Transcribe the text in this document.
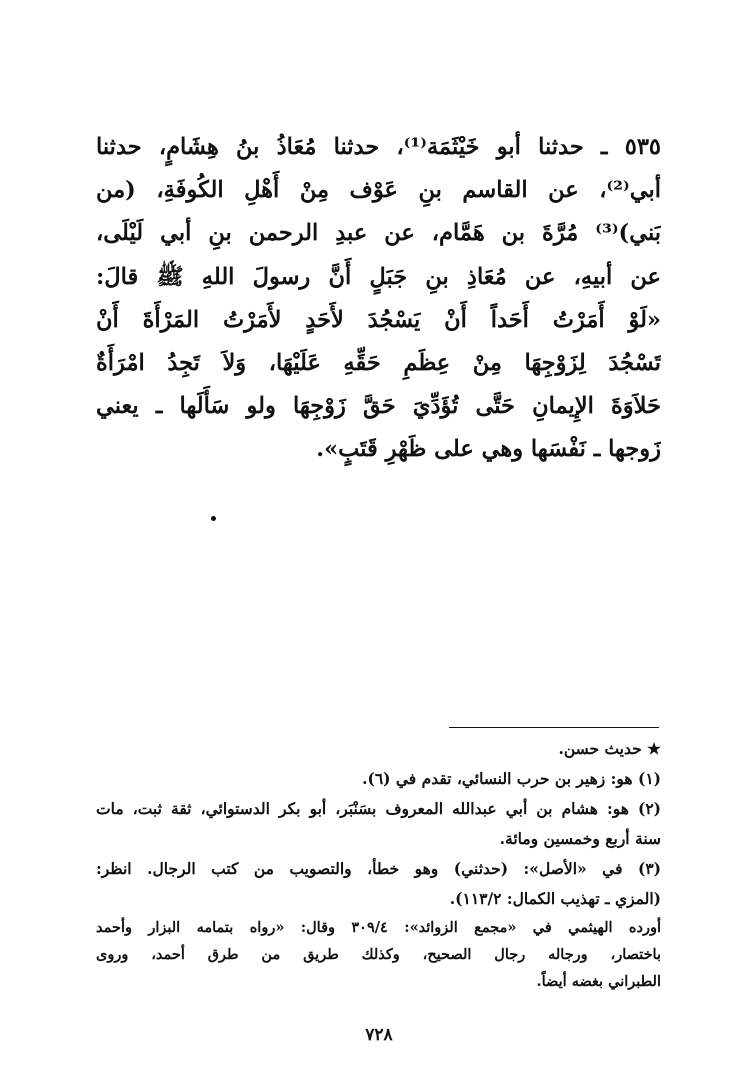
٥٣٥ ـ حدثنا أبو خَيْثَمَة⁽¹⁾، حدثنا مُعَاذُ بنُ هِشَامٍ، حدثنا
أبي⁽²⁾، عن القاسم بنِ عَوْف مِنْ أَهْلِ الكُوفَةِ، (من
بَني)⁽³⁾ مُرَّةَ بن هَمَّام، عن عبدِ الرحمن بنِ أبي لَيْلَى،
عن أبيهِ، عن مُعَاذِ بنِ جَبَلٍ أَنَّ رسولَ اللهِ ﷺ قالَ:
«لَوْ أَمَرْتُ أَحَداً أَنْ يَسْجُدَ لأَحَدٍ لأَمَرْتُ المَرْأَةَ أَنْ
تَسْجُدَ لِزَوْجِهَا مِنْ عِظَمِ حَقِّهِ عَلَيْهَا، وَلاَ تَجِدُ امْرَأَةٌ
حَلاَوَةَ الإِيمانِ حَتَّى تُؤَدِّيَ حَقَّ زَوْجِهَا ولو سَأَلَها ـ يعني
زَوجها ـ نَفْسَها وهي على ظَهْرِ قَتَبٍ».
★ حديث حسن.
(١) هو: زهير بن حرب النسائي، تقدم في (٦).
(٢) هو: هشام بن أبي عبدالله المعروف بسَنْبَر، أبو بكر الدستوائي، ثقة ثبت، مات
سنة أربع وخمسين ومائة.
(٣) في «الأصل»: (حدثني) وهو خطأ، والتصويب من كتب الرجال. انظر:
(المزي ـ تهذيب الكمال: ١١٣/٢).
أورده الهيثمي في «مجمع الزوائد»: ٣٠٩/٤ وقال: «رواه بتمامه البزار وأحمد
باختصار، ورجاله رجال الصحيح، وكذلك طريق من طرق أحمد، وروى
الطبراني بغضه أيضاً.
٧٢٨
